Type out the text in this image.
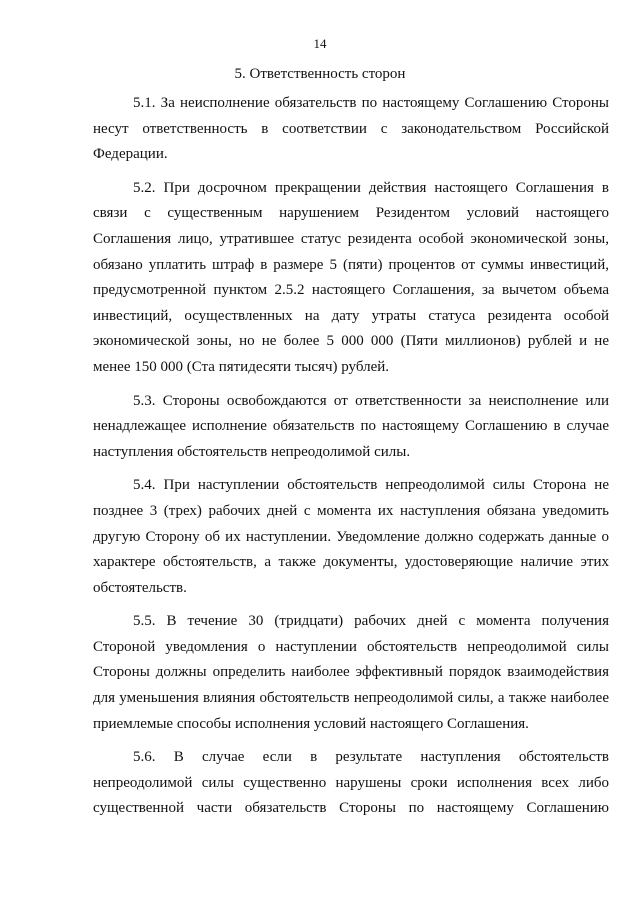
14
5. Ответственность сторон

5.1. За неисполнение обязательств по настоящему Соглашению Стороны несут ответственность в соответствии с законодательством Российской Федерации.

5.2. При досрочном прекращении действия настоящего Соглашения в связи с существенным нарушением Резидентом условий настоящего Соглашения лицо, утратившее статус резидента особой экономической зоны, обязано уплатить штраф в размере 5 (пяти) процентов от суммы инвестиций, предусмотренной пунктом 2.5.2 настоящего Соглашения, за вычетом объема инвестиций, осуществленных на дату утраты статуса резидента особой экономической зоны, но не более 5 000 000 (Пяти миллионов) рублей и не менее 150 000 (Ста пятидесяти тысяч) рублей.

5.3. Стороны освобождаются от ответственности за неисполнение или ненадлежащее исполнение обязательств по настоящему Соглашению в случае наступления обстоятельств непреодолимой силы.

5.4. При наступлении обстоятельств непреодолимой силы Сторона не позднее 3 (трех) рабочих дней с момента их наступления обязана уведомить другую Сторону об их наступлении. Уведомление должно содержать данные о характере обстоятельств, а также документы, удостоверяющие наличие этих обстоятельств.

5.5. В течение 30 (тридцати) рабочих дней с момента получения Стороной уведомления о наступлении обстоятельств непреодолимой силы Стороны должны определить наиболее эффективный порядок взаимодействия для уменьшения влияния обстоятельств непреодолимой силы, а также наиболее приемлемые способы исполнения условий настоящего Соглашения.

5.6. В случае если в результате наступления обстоятельств непреодолимой силы существенно нарушены сроки исполнения всех либо существенной части обязательств Стороны по настоящему Соглашению
